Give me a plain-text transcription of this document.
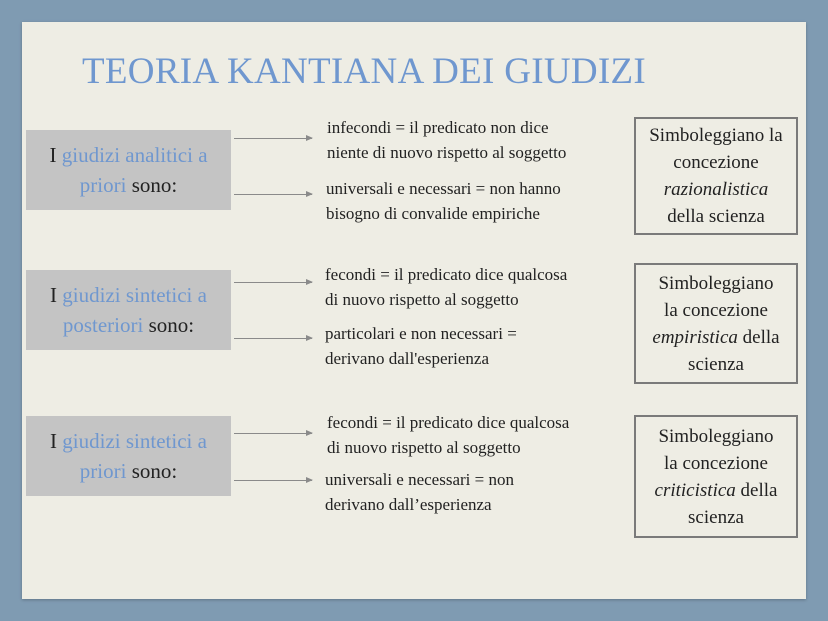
TEORIA KANTIANA DEI GIUDIZI
I giudizi analitici a
priori sono:
infecondi = il predicato non dice
niente di nuovo rispetto al soggetto
universali e necessari = non hanno
bisogno di convalide empiriche
Simboleggiano la
concezione
razionalistica
della scienza
I giudizi sintetici a
posteriori sono:
fecondi = il predicato dice qualcosa
di nuovo rispetto al soggetto
particolari e non necessari =
derivano dall'esperienza
Simboleggiano
la concezione
empiristica della
scienza
I giudizi sintetici a
priori sono:
fecondi = il predicato dice qualcosa
di nuovo rispetto al soggetto
universali e necessari = non
derivano dall’esperienza
Simboleggiano
la concezione
criticistica della
scienza
